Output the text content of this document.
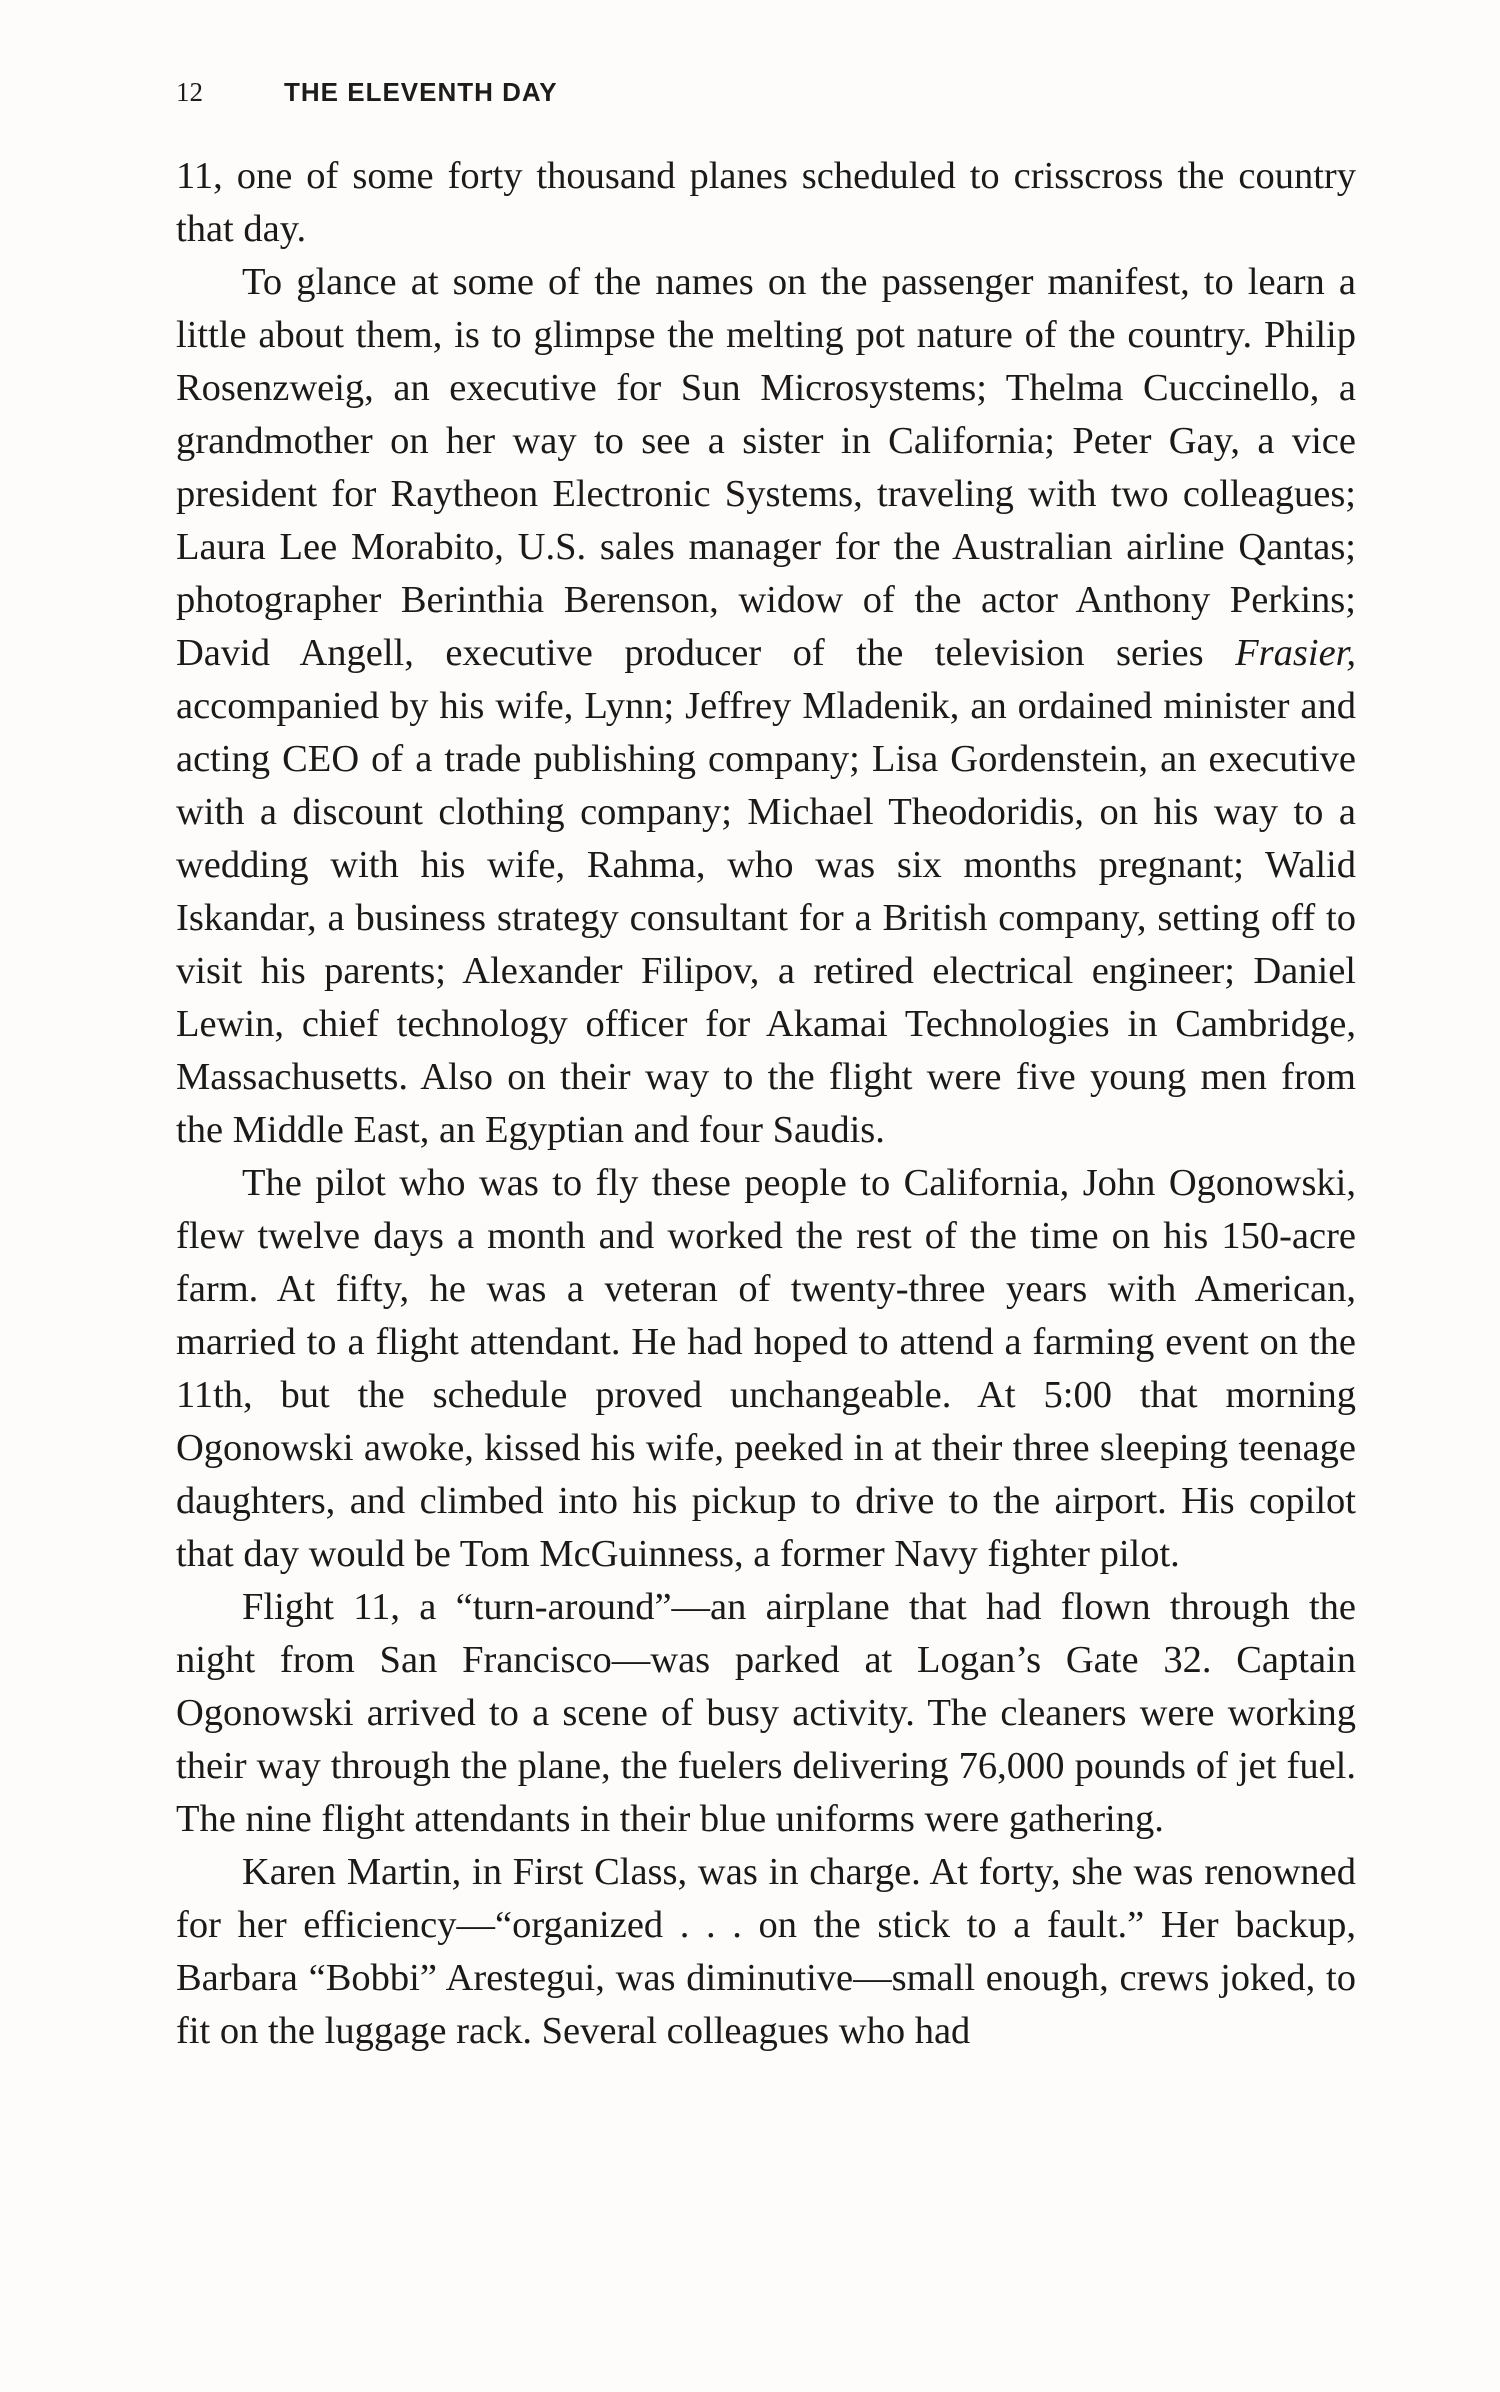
12	THE ELEVENTH DAY

11, one of some forty thousand planes scheduled to crisscross the country that day.

To glance at some of the names on the passenger manifest, to learn a little about them, is to glimpse the melting pot nature of the country. Philip Rosenzweig, an executive for Sun Microsystems; Thelma Cuccinello, a grandmother on her way to see a sister in California; Peter Gay, a vice president for Raytheon Electronic Systems, traveling with two colleagues; Laura Lee Morabito, U.S. sales manager for the Australian airline Qantas; photographer Berinthia Berenson, widow of the actor Anthony Perkins; David Angell, executive producer of the television series Frasier, accompanied by his wife, Lynn; Jeffrey Mladenik, an ordained minister and acting CEO of a trade publishing company; Lisa Gordenstein, an executive with a discount clothing company; Michael Theodoridis, on his way to a wedding with his wife, Rahma, who was six months pregnant; Walid Iskandar, a business strategy consultant for a British company, setting off to visit his parents; Alexander Filipov, a retired electrical engineer; Daniel Lewin, chief technology officer for Akamai Technologies in Cambridge, Massachusetts. Also on their way to the flight were five young men from the Middle East, an Egyptian and four Saudis.

The pilot who was to fly these people to California, John Ogonowski, flew twelve days a month and worked the rest of the time on his 150-acre farm. At fifty, he was a veteran of twenty-three years with American, married to a flight attendant. He had hoped to attend a farming event on the 11th, but the schedule proved unchangeable. At 5:00 that morning Ogonowski awoke, kissed his wife, peeked in at their three sleeping teenage daughters, and climbed into his pickup to drive to the airport. His copilot that day would be Tom McGuinness, a former Navy fighter pilot.

Flight 11, a “turn-around”—an airplane that had flown through the night from San Francisco—was parked at Logan’s Gate 32. Captain Ogonowski arrived to a scene of busy activity. The cleaners were working their way through the plane, the fuelers delivering 76,000 pounds of jet fuel. The nine flight attendants in their blue uniforms were gathering.

Karen Martin, in First Class, was in charge. At forty, she was renowned for her efficiency—“organized . . . on the stick to a fault.” Her backup, Barbara “Bobbi” Arestegui, was diminutive—small enough, crews joked, to fit on the luggage rack. Several colleagues who had
